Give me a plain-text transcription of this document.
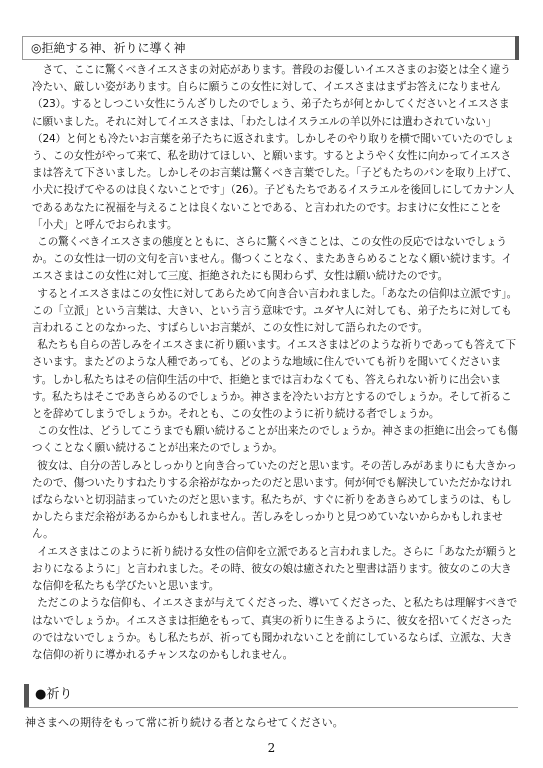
◎拒絶する神、祈りに導く神

さて、ここに驚くべきイエスさまの対応があります。普段のお優しいイエスさまのお姿とは全く違う冷たい、厳しい姿があります。自らに願うこの女性に対して、イエスさまはまずお答えになりません（23）。するとしつこい女性にうんざりしたのでしょう、弟子たちが何とかしてくださいとイエスさまに願いました。それに対してイエスさまは、「わたしはイスラエルの羊以外には遣わされていない」（24）と何とも冷たいお言葉を弟子たちに返されます。しかしそのやり取りを横で聞いていたのでしょう、この女性がやって来て、私を助けてほしい、と願います。するとようやく女性に向かってイエスさまは答えて下さいました。しかしそのお言葉は驚くべき言葉でした。「子どもたちのパンを取り上げて、小犬に投げてやるのは良くないことです」（26）。子どもたちであるイスラエルを後回しにしてカナン人であるあなたに祝福を与えることは良くないことである、と言われたのです。おまけに女性にことを「小犬」と呼んでおられます。

この驚くべきイエスさまの態度とともに、さらに驚くべきことは、この女性の反応ではないでしょうか。この女性は一切の文句を言いません。傷つくことなく、またあきらめることなく願い続けます。イエスさまはこの女性に対して三度、拒絶されたにも関わらず、女性は願い続けたのです。

するとイエスさまはこの女性に対してあらためて向き合い言われました。「あなたの信仰は立派です」。この「立派」という言葉は、大きい、という言う意味です。ユダヤ人に対しても、弟子たちに対しても言われることのなかった、すばらしいお言葉が、この女性に対して語られたのです。

私たちも自らの苦しみをイエスさまに祈り願います。イエスさまはどのような祈りであっても答えて下さいます。またどのような人種であっても、どのような地域に住んでいても祈りを聞いてくださいます。しかし私たちはその信仰生活の中で、拒絶とまでは言わなくても、答えられない祈りに出会います。私たちはそこであきらめるのでしょうか。神さまを冷たいお方とするのでしょうか。そして祈ることを辞めてしまうでしょうか。それとも、この女性のように祈り続ける者でしょうか。

この女性は、どうしてこうまでも願い続けることが出来たのでしょうか。神さまの拒絶に出会っても傷つくことなく願い続けることが出来たのでしょうか。

彼女は、自分の苦しみとしっかりと向き合っていたのだと思います。その苦しみがあまりにも大きかったので、傷ついたりすねたりする余裕がなかったのだと思います。何が何でも解決していただかなければならないと切羽詰まっていたのだと思います。私たちが、すぐに祈りをあきらめてしまうのは、もしかしたらまだ余裕があるからかもしれません。苦しみをしっかりと見つめていないからかもしれません。

イエスさまはこのように祈り続ける女性の信仰を立派であると言われました。さらに「あなたが願うとおりになるように」と言われました。その時、彼女の娘は癒されたと聖書は語ります。彼女のこの大きな信仰を私たちも学びたいと思います。

ただこのような信仰も、イエスさまが与えてくださった、導いてくださった、と私たちは理解すべきではないでしょうか。イエスさまは拒絶をもって、真実の祈りに生きるように、彼女を招いてくださったのではないでしょうか。もし私たちが、祈っても聞かれないことを前にしているならば、立派な、大きな信仰の祈りに導かれるチャンスなのかもしれません。

●祈り
神さまへの期待をもって常に祈り続ける者とならせてください。
2
